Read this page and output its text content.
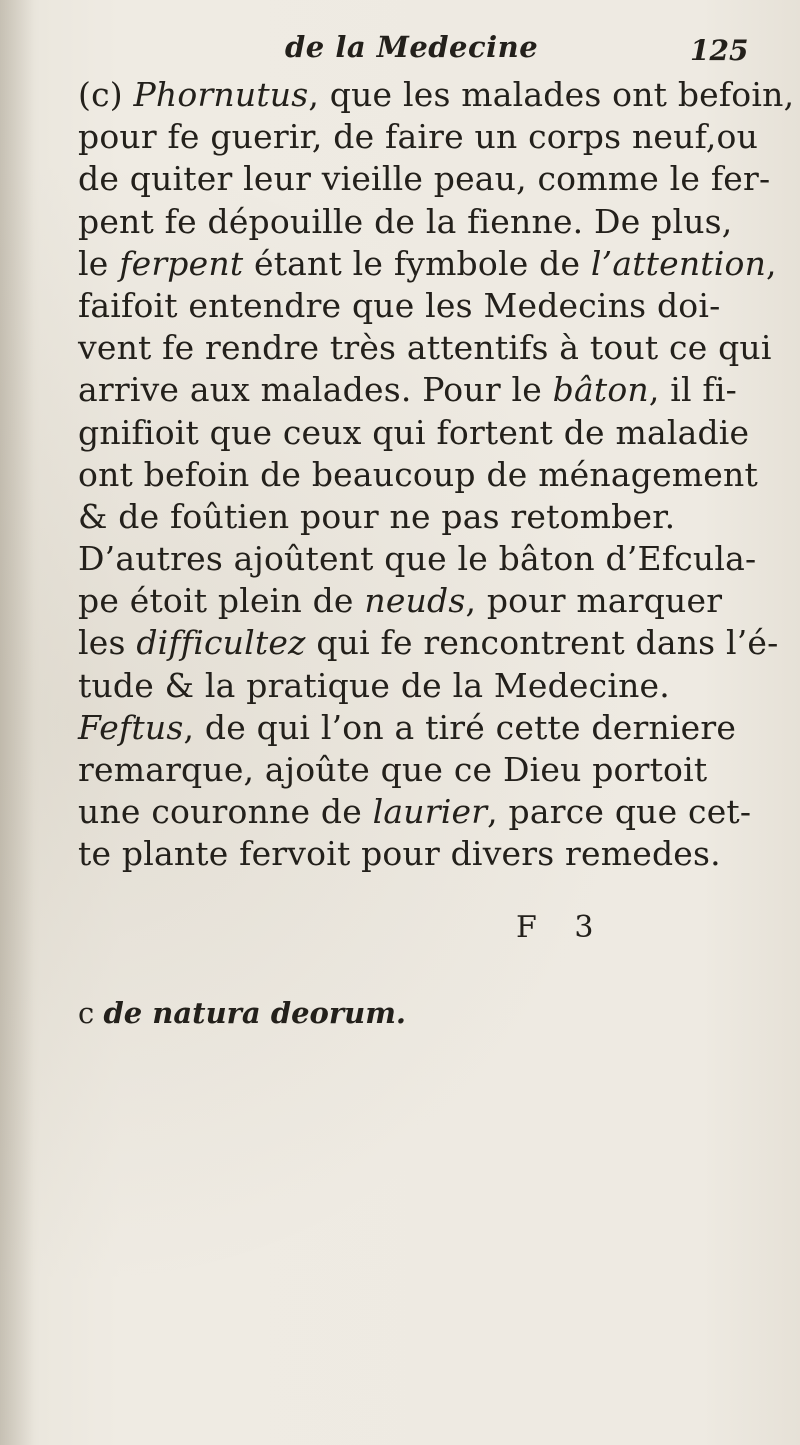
de la Medecine	125
(c) Phornutus, que les malades ont befoin,
pour fe guerir, de faire un corps neuf,ou
de quiter leur vieille peau, comme le fer-
pent fe dépouille de la fienne. De plus,
le ferpent étant le fymbole de l’attention,
faifoit entendre que les Medecins doi-
vent fe rendre très attentifs à tout ce qui
arrive aux malades. Pour le bâton, il fi-
gnifioit que ceux qui fortent de maladie
ont befoin de beaucoup de ménagement
& de foûtien pour ne pas retomber.
D’autres ajoûtent que le bâton d’Efcula-
pe étoit plein de neuds, pour marquer
les difficultez qui fe rencontrent dans l’é-
tude & la pratique de la Medecine.
Feftus, de qui l’on a tiré cette derniere
remarque, ajoûte que ce Dieu portoit
une couronne de laurier, parce que cet-
te plante fervoit pour divers remedes.
F 3
c de natura deorum.
